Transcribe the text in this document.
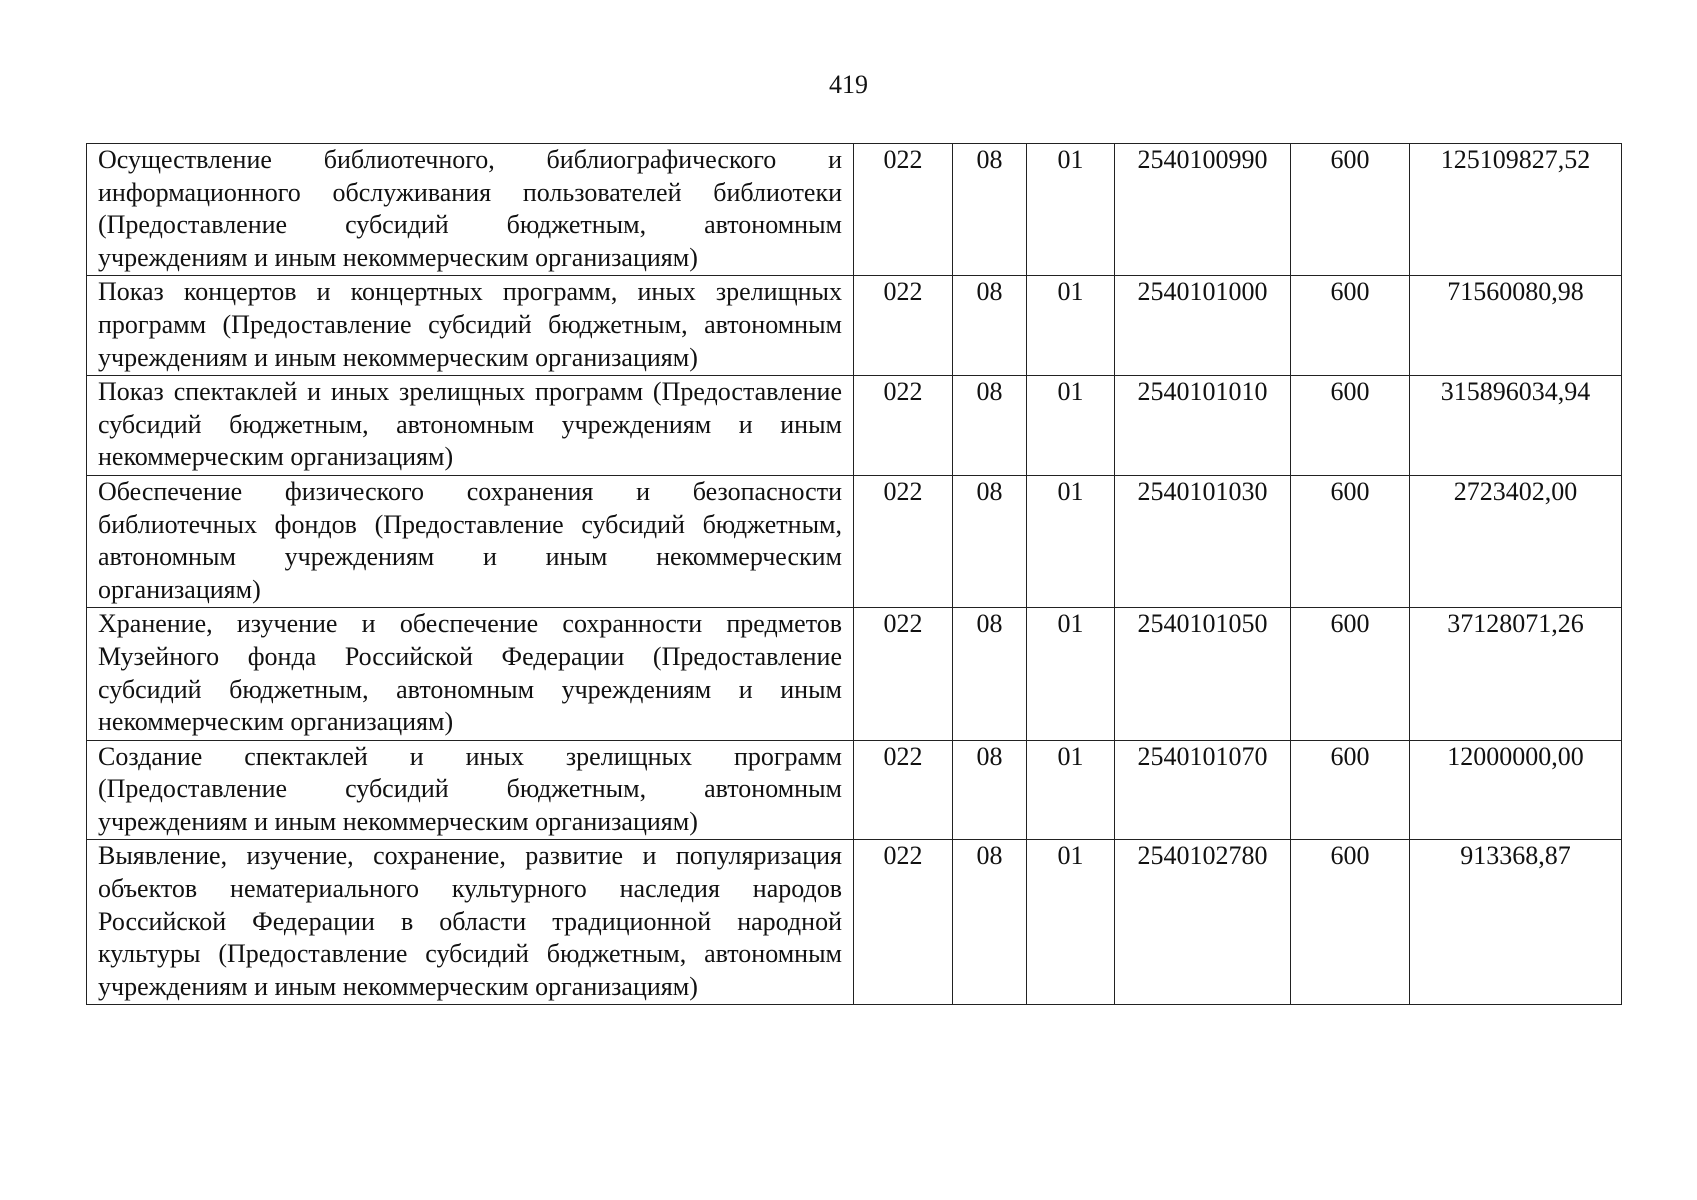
419
Осуществление библиотечного, библиографического и информационного обслуживания пользователей библиотеки (Предоставление субсидий бюджетным, автономным учреждениям и иным некоммерческим организациям)	022	08	01	2540100990	600	125109827,52
Показ концертов и концертных программ, иных зрелищных программ (Предоставление субсидий бюджетным, автономным учреждениям и иным некоммерческим организациям)	022	08	01	2540101000	600	71560080,98
Показ спектаклей и иных зрелищных программ (Предоставление субсидий бюджетным, автономным учреждениям и иным некоммерческим организациям)	022	08	01	2540101010	600	315896034,94
Обеспечение физического сохранения и безопасности библиотечных фондов (Предоставление субсидий бюджетным, автономным учреждениям и иным некоммерческим организациям)	022	08	01	2540101030	600	2723402,00
Хранение, изучение и обеспечение сохранности предметов Музейного фонда Российской Федерации (Предоставление субсидий бюджетным, автономным учреждениям и иным некоммерческим организациям)	022	08	01	2540101050	600	37128071,26
Создание спектаклей и иных зрелищных программ (Предоставление субсидий бюджетным, автономным учреждениям и иным некоммерческим организациям)	022	08	01	2540101070	600	12000000,00
Выявление, изучение, сохранение, развитие и популяризация объектов нематериального культурного наследия народов Российской Федерации в области традиционной народной культуры (Предоставление субсидий бюджетным, автономным учреждениям и иным некоммерческим организациям)	022	08	01	2540102780	600	913368,87
